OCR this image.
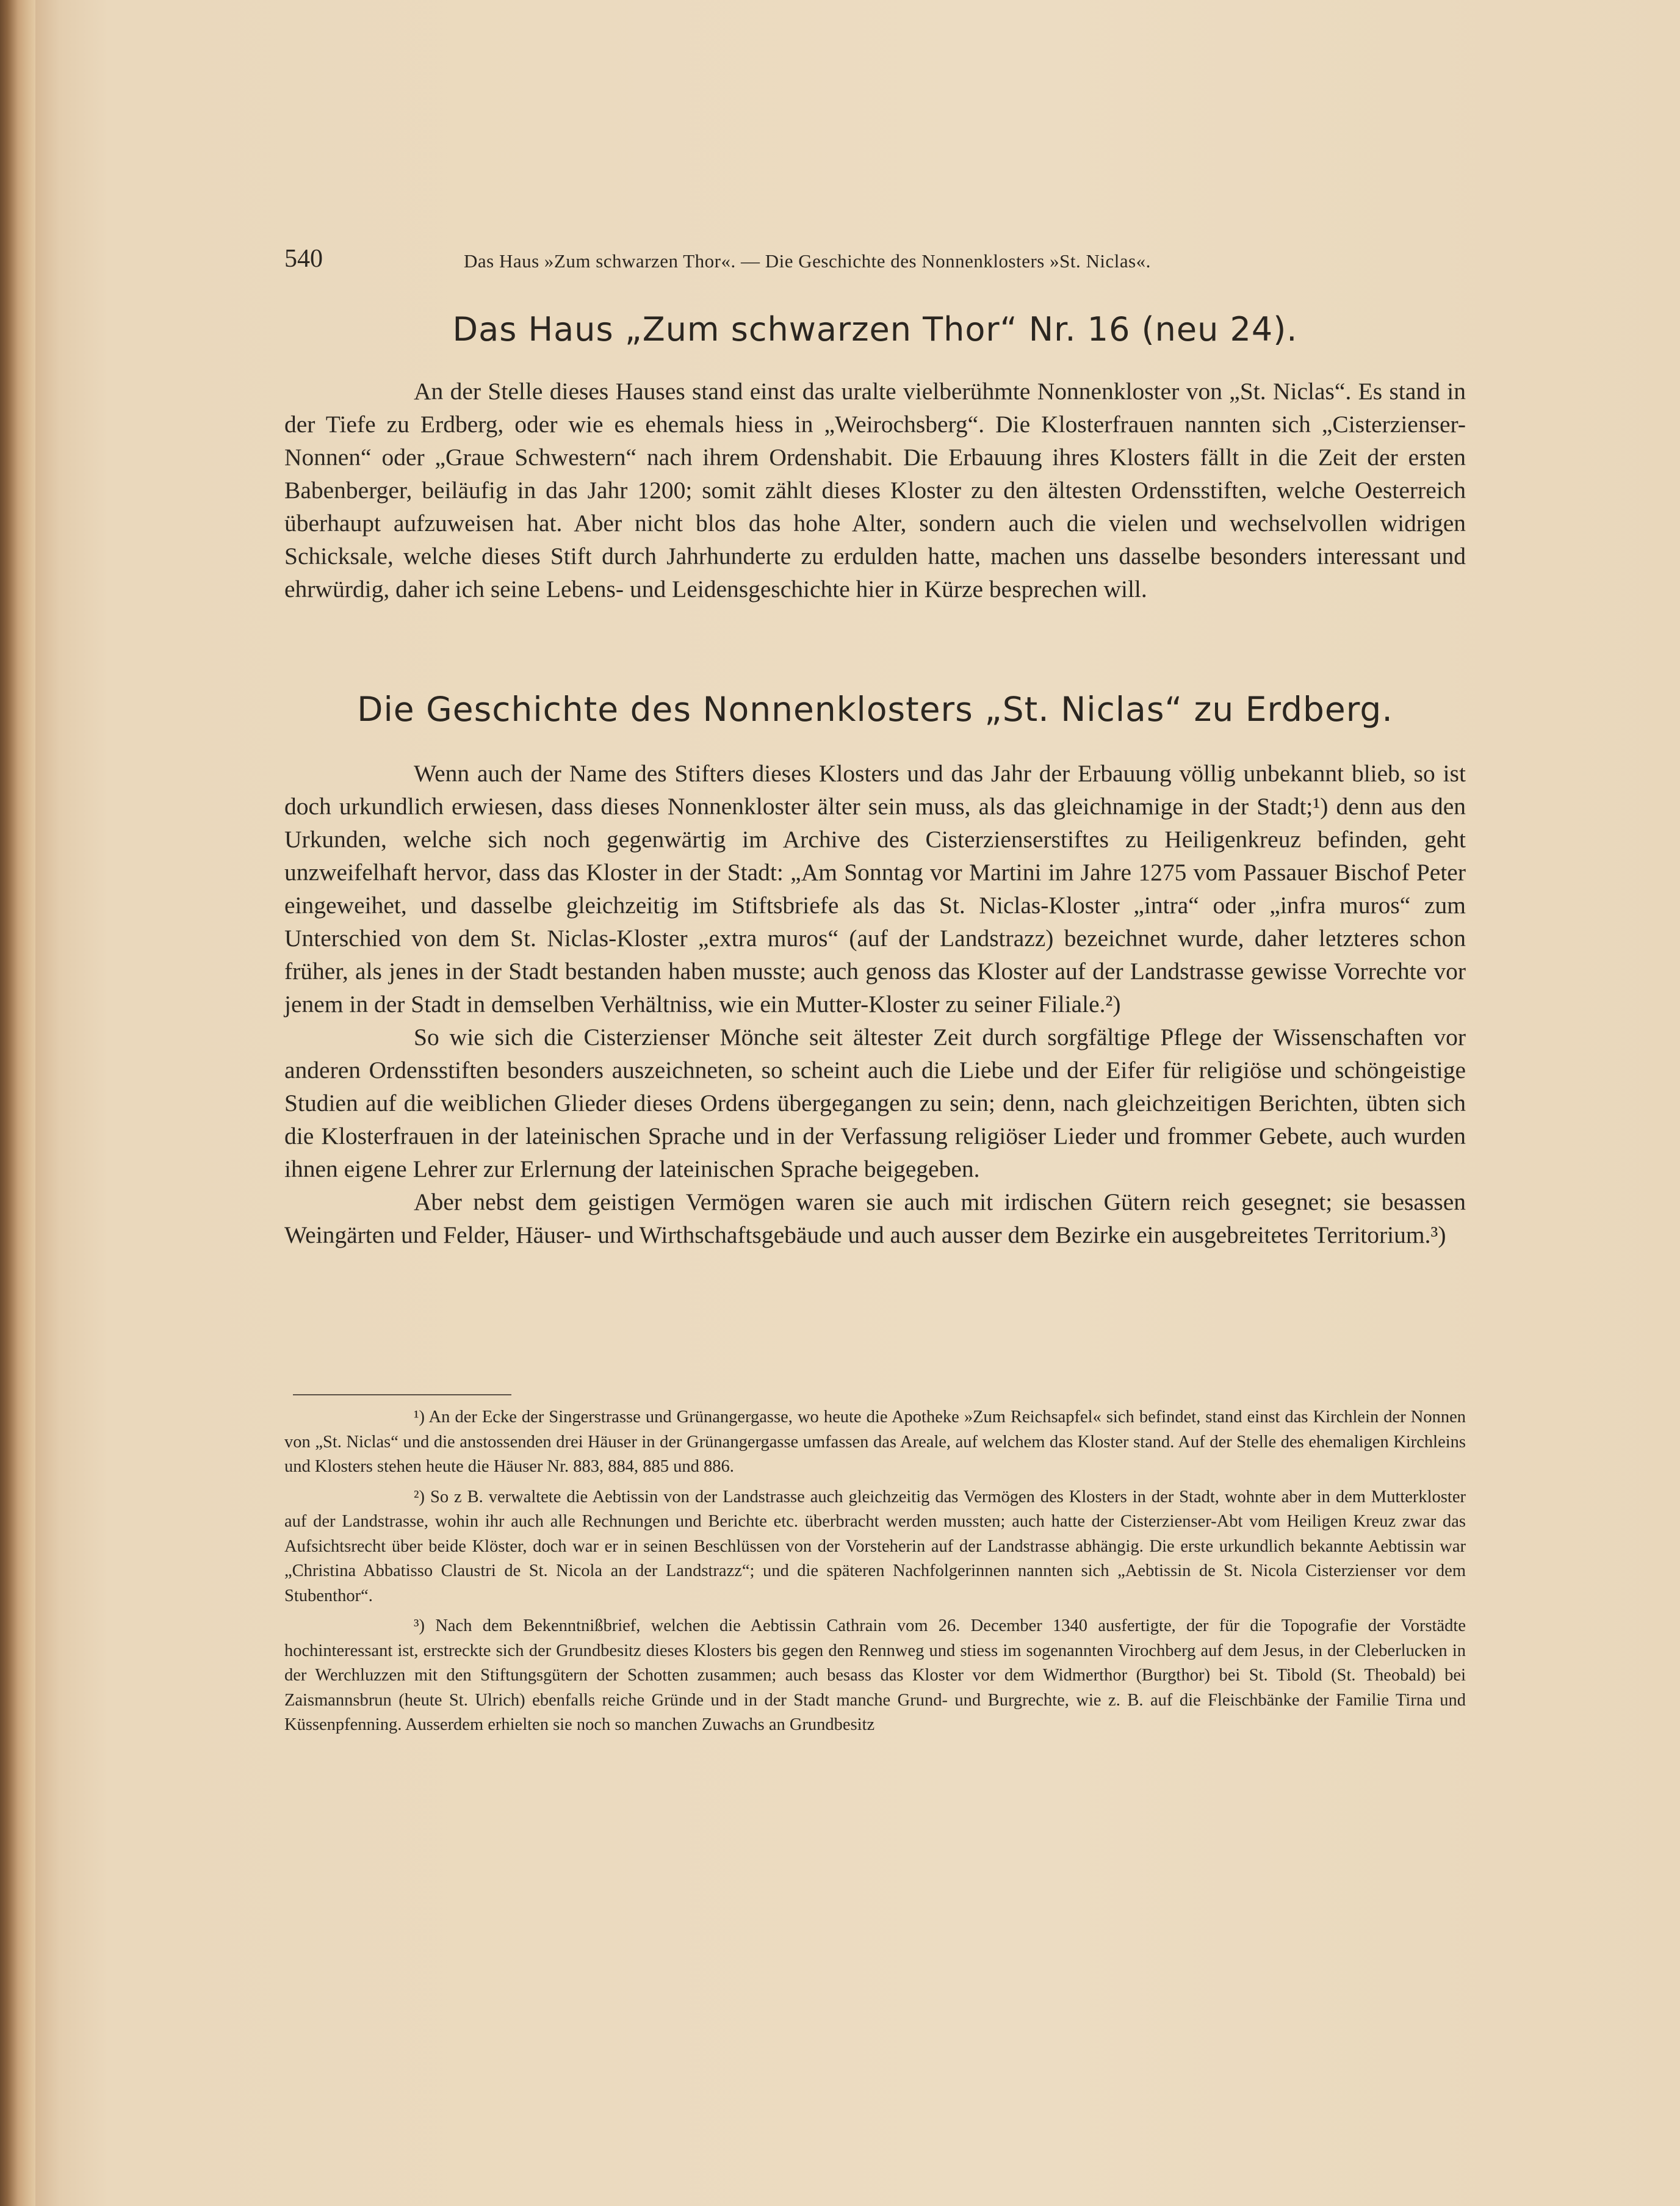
540	Das Haus »Zum schwarzen Thor«. — Die Geschichte des Nonnenklosters »St. Niclas«.
Das Haus „Zum schwarzen Thor“ Nr. 16 (neu 24).

An der Stelle dieses Hauses stand einst das uralte vielberühmte Nonnenkloster von „St. Niclas“. Es stand in der Tiefe zu Erdberg, oder wie es ehemals hiess in „Weirochsberg“. Die Klosterfrauen nannten sich „Cisterzienser-Nonnen“ oder „Graue Schwestern“ nach ihrem Ordenshabit. Die Erbauung ihres Klosters fällt in die Zeit der ersten Babenberger, beiläufig in das Jahr 1200; somit zählt dieses Kloster zu den ältesten Ordensstiften, welche Oesterreich überhaupt aufzuweisen hat. Aber nicht blos das hohe Alter, sondern auch die vielen und wechselvollen widrigen Schicksale, welche dieses Stift durch Jahrhunderte zu erdulden hatte, machen uns dasselbe besonders interessant und ehrwürdig, daher ich seine Lebens- und Leidensgeschichte hier in Kürze besprechen will.

Die Geschichte des Nonnenklosters „St. Niclas“ zu Erdberg.

Wenn auch der Name des Stifters dieses Klosters und das Jahr der Erbauung völlig unbekannt blieb, so ist doch urkundlich erwiesen, dass dieses Nonnenkloster älter sein muss, als das gleichnamige in der Stadt;¹) denn aus den Urkunden, welche sich noch gegenwärtig im Archive des Cisterzienserstiftes zu Heiligenkreuz befinden, geht unzweifelhaft hervor, dass das Kloster in der Stadt: „Am Sonntag vor Martini im Jahre 1275 vom Passauer Bischof Peter eingeweihet, und dasselbe gleichzeitig im Stiftsbriefe als das St. Niclas-Kloster „intra“ oder „infra muros“ zum Unterschied von dem St. Niclas-Kloster „extra muros“ (auf der Landstrazz) bezeichnet wurde, daher letzteres schon früher, als jenes in der Stadt bestanden haben musste; auch genoss das Kloster auf der Landstrasse gewisse Vorrechte vor jenem in der Stadt in demselben Verhältniss, wie ein Mutter-Kloster zu seiner Filiale.²)

So wie sich die Cisterzienser Mönche seit ältester Zeit durch sorgfältige Pflege der Wissenschaften vor anderen Ordensstiften besonders auszeichneten, so scheint auch die Liebe und der Eifer für religiöse und schöngeistige Studien auf die weiblichen Glieder dieses Ordens übergegangen zu sein; denn, nach gleichzeitigen Berichten, übten sich die Klosterfrauen in der lateinischen Sprache und in der Verfassung religiöser Lieder und frommer Gebete, auch wurden ihnen eigene Lehrer zur Erlernung der lateinischen Sprache beigegeben.

Aber nebst dem geistigen Vermögen waren sie auch mit irdischen Gütern reich gesegnet; sie besassen Weingärten und Felder, Häuser- und Wirthschaftsgebäude und auch ausser dem Bezirke ein ausgebreitetes Territorium.³)

¹) An der Ecke der Singerstrasse und Grünangergasse, wo heute die Apotheke »Zum Reichsapfel« sich befindet, stand einst das Kirchlein der Nonnen von „St. Niclas“ und die anstossenden drei Häuser in der Grünangergasse umfassen das Areale, auf welchem das Kloster stand. Auf der Stelle des ehemaligen Kirchleins und Klosters stehen heute die Häuser Nr. 883, 884, 885 und 886.

²) So z B. verwaltete die Aebtissin von der Landstrasse auch gleichzeitig das Vermögen des Klosters in der Stadt, wohnte aber in dem Mutterkloster auf der Landstrasse, wohin ihr auch alle Rechnungen und Berichte etc. überbracht werden mussten; auch hatte der Cisterzienser-Abt vom Heiligen Kreuz zwar das Aufsichtsrecht über beide Klöster, doch war er in seinen Beschlüssen von der Vorsteherin auf der Landstrasse abhängig. Die erste urkundlich bekannte Aebtissin war „Christina Abbatisso Claustri de St. Nicola an der Landstrazz“; und die späteren Nachfolgerinnen nannten sich „Aebtissin de St. Nicola Cisterzienser vor dem Stubenthor“.

³) Nach dem Bekenntnißbrief, welchen die Aebtissin Cathrain vom 26. December 1340 ausfertigte, der für die Topografie der Vorstädte hochinteressant ist, erstreckte sich der Grundbesitz dieses Klosters bis gegen den Rennweg und stiess im sogenannten Virochberg auf dem Jesus, in der Cleberlucken in der Werchluzzen mit den Stiftungsgütern der Schotten zusammen; auch besass das Kloster vor dem Widmerthor (Burgthor) bei St. Tibold (St. Theobald) bei Zaismannsbrun (heute St. Ulrich) ebenfalls reiche Gründe und in der Stadt manche Grund- und Burgrechte, wie z. B. auf die Fleischbänke der Familie Tirna und Küssenpfenning. Ausserdem erhielten sie noch so manchen Zuwachs an Grundbesitz
